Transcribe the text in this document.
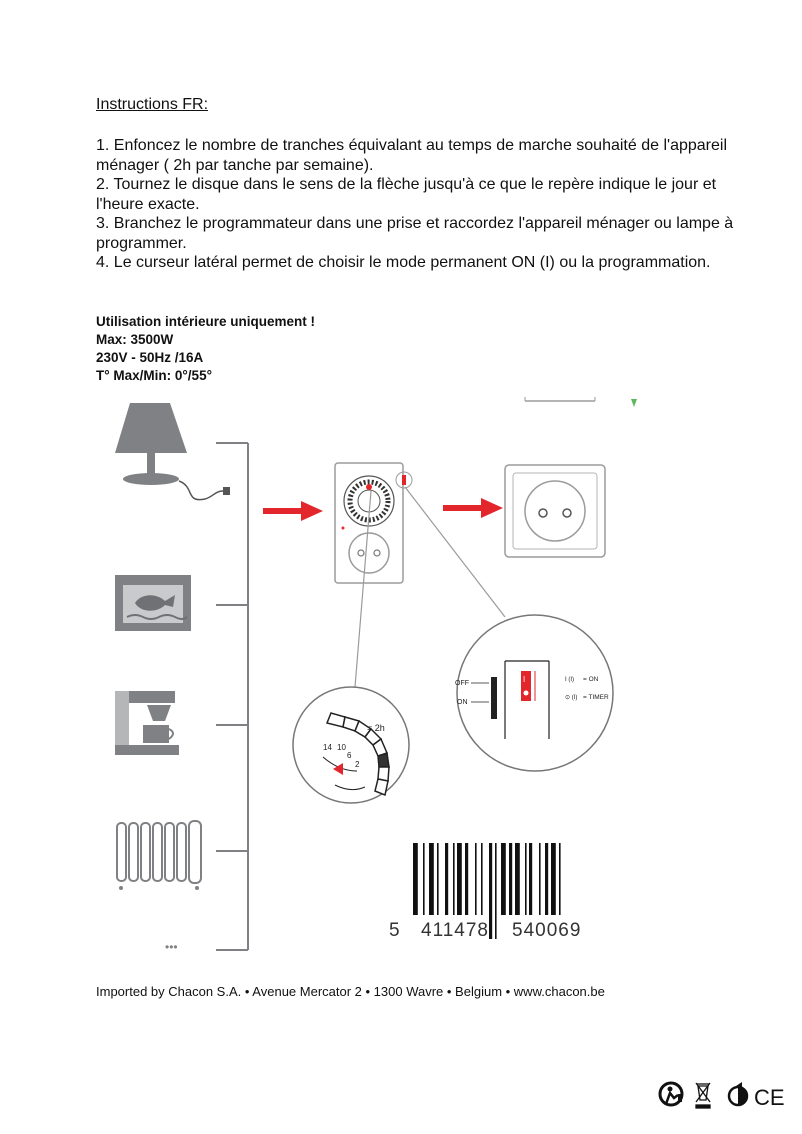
Instructions FR:

1. Enfoncez le nombre de tranches équivalant au temps de marche souhaité de l'appareil ménager ( 2h par tanche par semaine).

2. Tournez le disque dans le sens de la flèche jusqu'à ce que le repère indique le jour et l'heure exacte.

3. Branchez le programmateur dans une prise et raccordez l'appareil ménager ou lampe à programmer.

4. Le curseur latéral permet de choisir le mode permanent ON (I) ou la programmation.

Utilisation intérieure uniquement !
Max: 3500W
230V - 50Hz /16A
T° Max/Min: 0°/55°
•••
= 2h
14 10
6
2
I
OFF
ON
I (I) = ON
⊙ (I) = TIMER
5 411478 540069
Imported by Chacon S.A. • Avenue Mercator 2 • 1300 Wavre • Belgium • www.chacon.be
CE
